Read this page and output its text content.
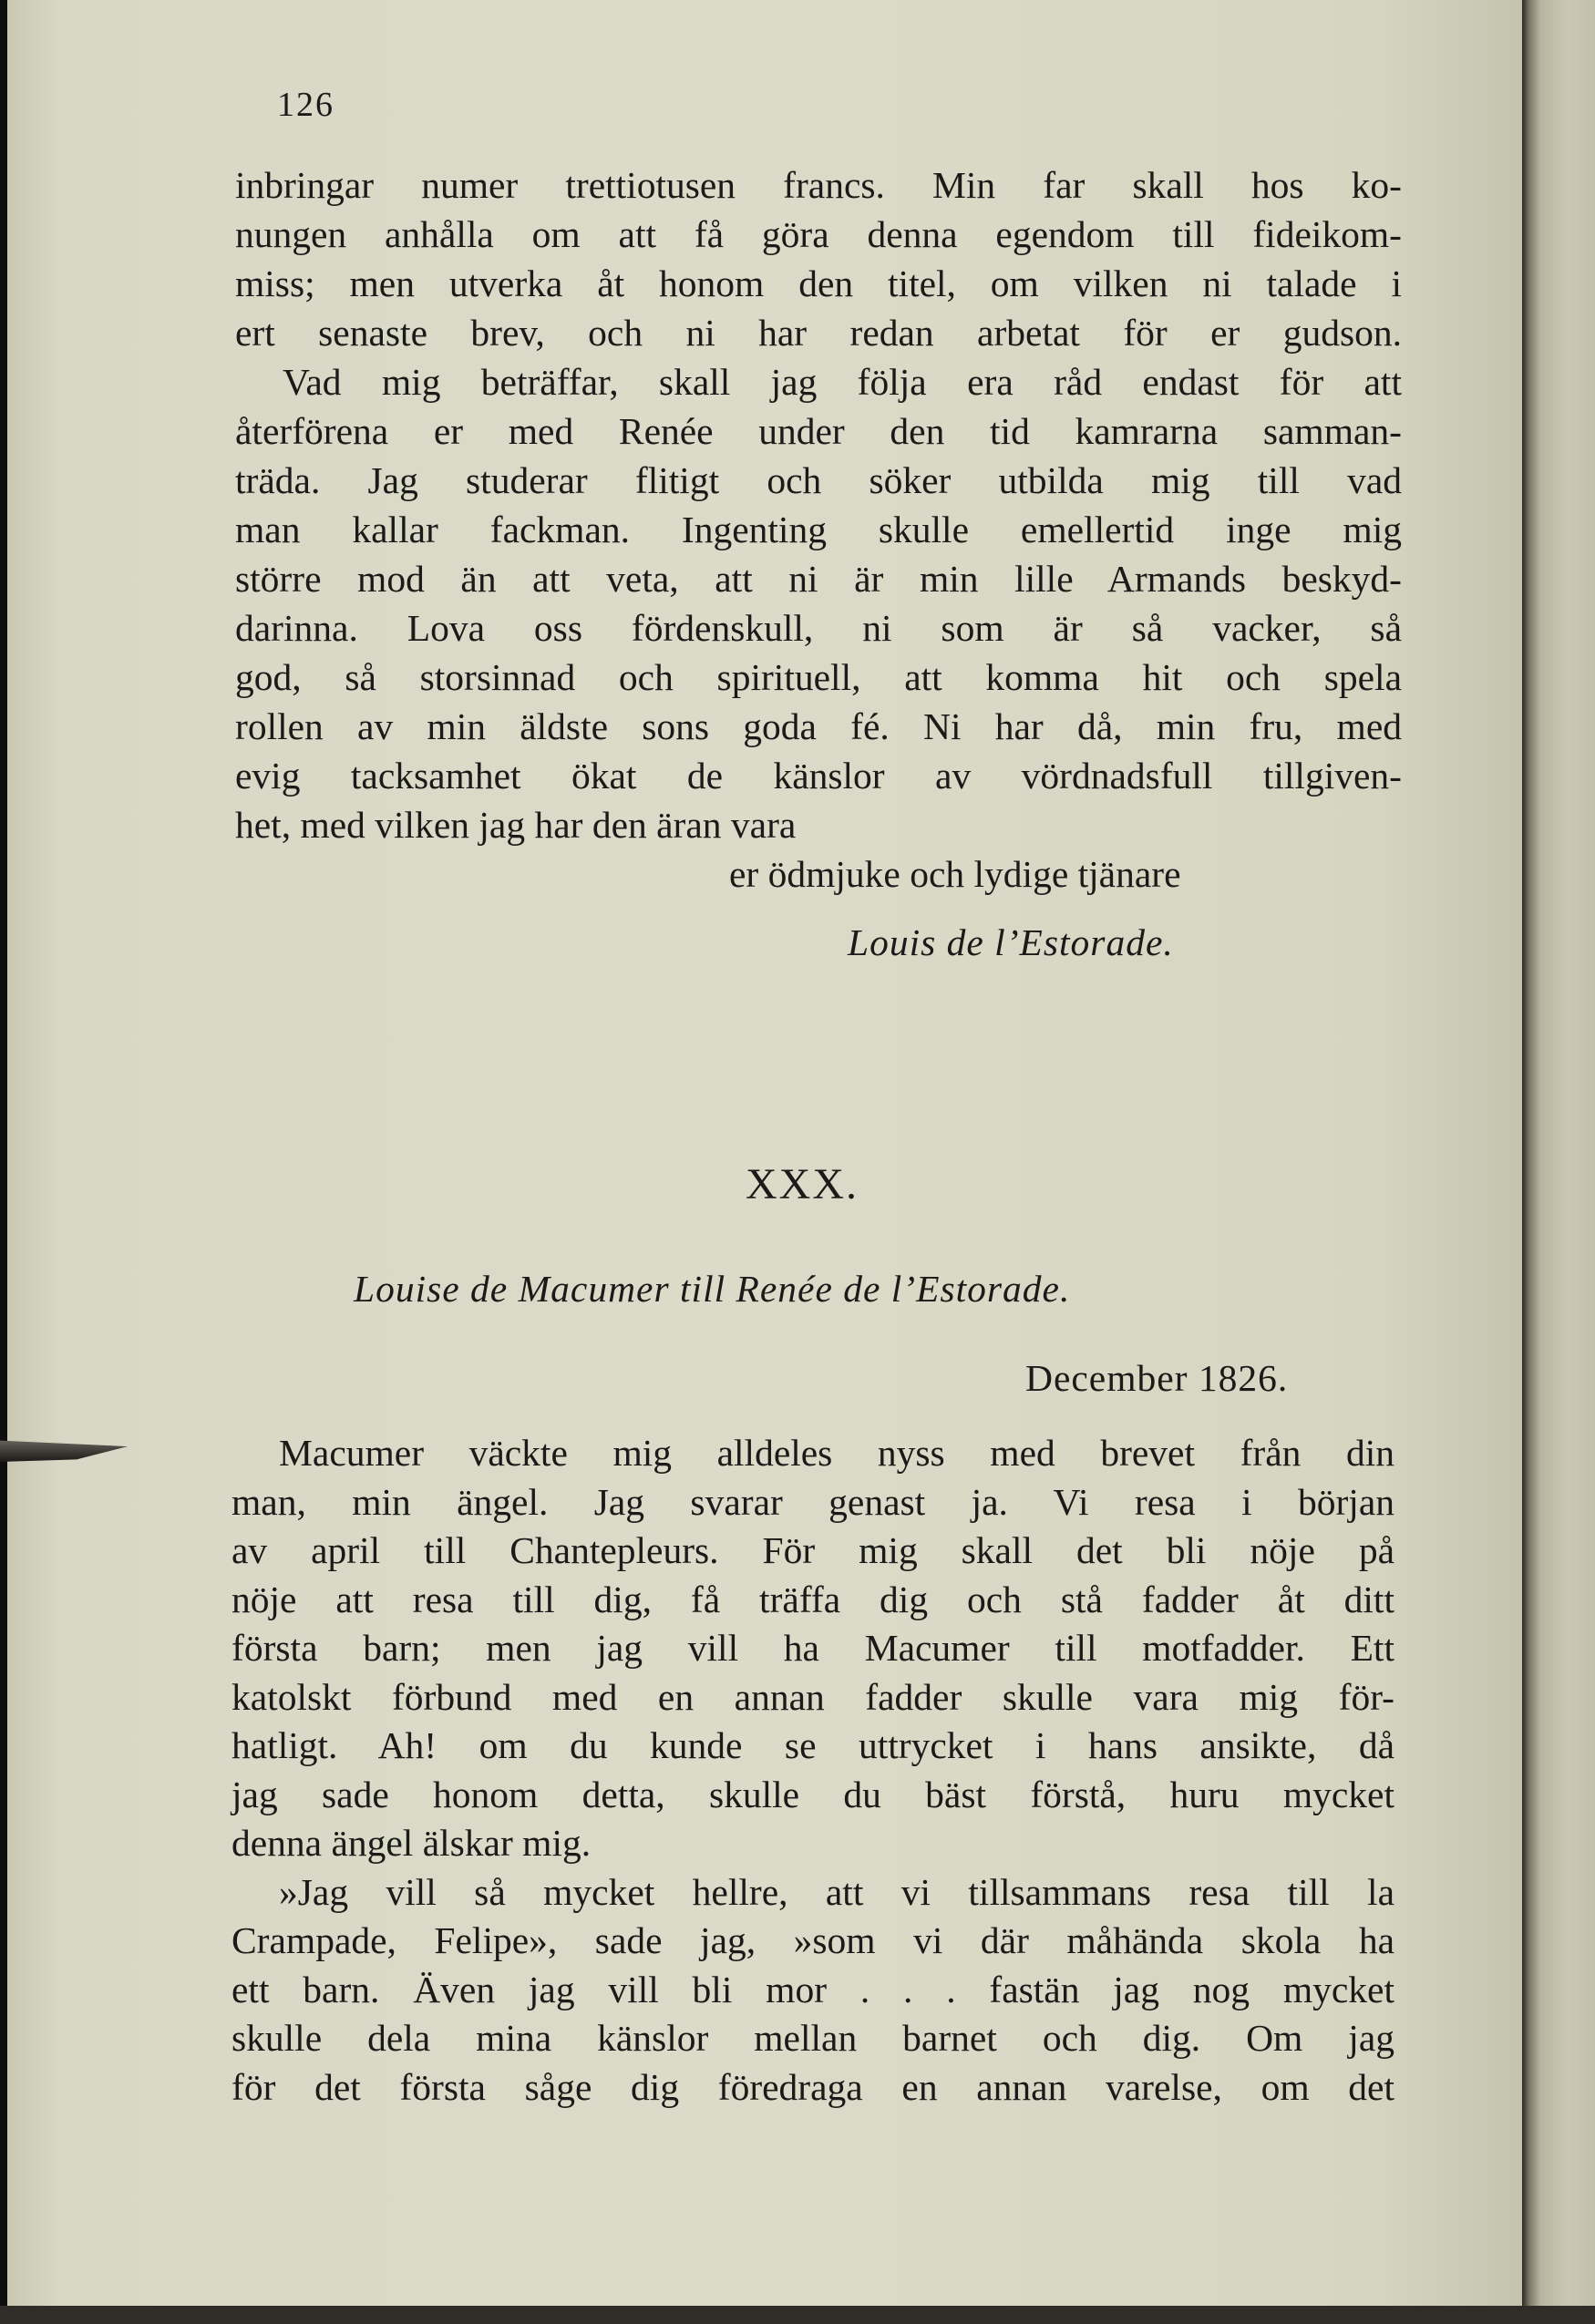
126

inbringar numer trettiotusen francs. Min far skall hos ko-

nungen anhålla om att få göra denna egendom till fideikom-

miss; men utverka åt honom den titel, om vilken ni talade i

ert senaste brev, och ni har redan arbetat för er gudson.

Vad mig beträffar, skall jag följa era råd endast för att

återförena er med Renée under den tid kamrarna samman-

träda. Jag studerar flitigt och söker utbilda mig till vad

man kallar fackman. Ingenting skulle emellertid inge mig

större mod än att veta, att ni är min lille Armands beskyd-

darinna. Lova oss fördenskull, ni som är så vacker, så

god, så storsinnad och spirituell, att komma hit och spela

rollen av min äldste sons goda fé. Ni har då, min fru, med

evig tacksamhet ökat de känslor av vördnadsfull tillgiven-

het, med vilken jag har den äran vara

er ödmjuke och lydige tjänare
Louis de l’Estorade.
XXX.
Louise de Macumer till Renée de l’Estorade.
December 1826.

Macumer väckte mig alldeles nyss med brevet från din

man, min ängel. Jag svarar genast ja. Vi resa i början

av april till Chantepleurs. För mig skall det bli nöje på

nöje att resa till dig, få träffa dig och stå fadder åt ditt

första barn; men jag vill ha Macumer till motfadder. Ett

katolskt förbund med en annan fadder skulle vara mig för-

hatligt. Ah! om du kunde se uttrycket i hans ansikte, då

jag sade honom detta, skulle du bäst förstå, huru mycket

denna ängel älskar mig.

»Jag vill så mycket hellre, att vi tillsammans resa till la

Crampade, Felipe», sade jag, »som vi där måhända skola ha

ett barn. Även jag vill bli mor . . . fastän jag nog mycket

skulle dela mina känslor mellan barnet och dig. Om jag

för det första såge dig föredraga en annan varelse, om det
